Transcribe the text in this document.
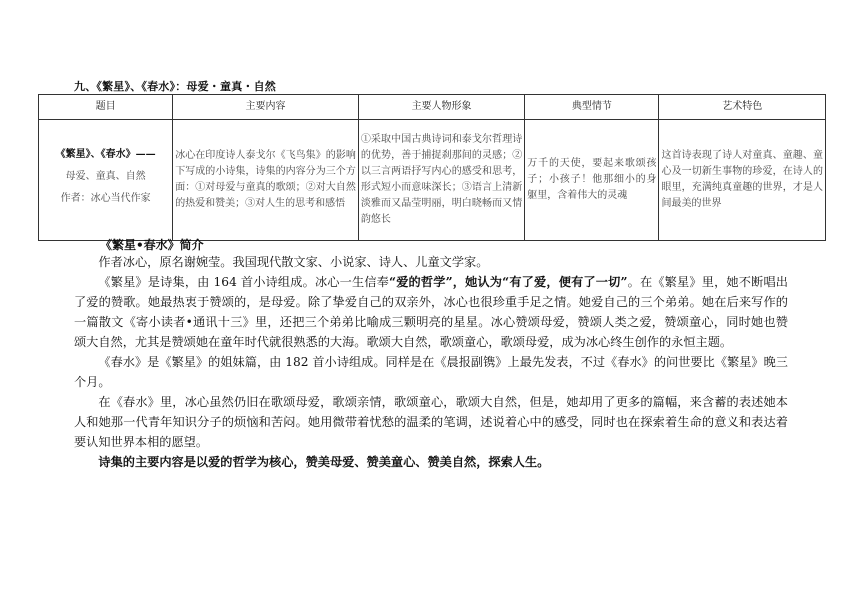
九、《繁星》、《春水》：母爱・童真・自然
题目	主要内容	主要人物形象	典型情节	艺术特色

《繁星》、《春水》——

母爱、童真、自然

作者：冰心当代作家	冰心在印度诗人泰戈尔《飞鸟集》的影响下写成的小诗集，诗集的内容分为三个方面：①对母爱与童真的歌颂；②对大自然的热爱和赞美；③对人生的思考和感悟	①采取中国古典诗词和泰戈尔哲理诗的优势，善于捕捉刹那间的灵感；②以三言两语抒写内心的感受和思考，形式短小而意味深长；③语言上清新淡雅而又晶莹明丽，明白晓畅而又情韵悠长	万千的天使，要起来歌颂孩子；小孩子！他那细小的身躯里，含着伟大的灵魂	这首诗表现了诗人对童真、童趣、童心及一切新生事物的珍爱，在诗人的眼里，充满纯真童趣的世界，才是人间最美的世界
《繁星•春水》简介

作者冰心，原名谢婉莹。我国现代散文家、小说家、诗人、儿童文学家。

《繁星》是诗集，由 164 首小诗组成。冰心一生信奉“爱的哲学”，她认为“有了爱，便有了一切”。在《繁星》里，她不断唱出了爱的赞歌。她最热衷于赞颂的，是母爱。除了挚爱自己的双亲外，冰心也很珍重手足之情。她爱自己的三个弟弟。她在后来写作的一篇散文《寄小读者•通讯十三》里，还把三个弟弟比喻成三颗明亮的星星。冰心赞颂母爱，赞颂人类之爱，赞颂童心，同时她也赞颂大自然，尤其是赞颂她在童年时代就很熟悉的大海。歌颂大自然，歌颂童心，歌颂母爱，成为冰心终生创作的永恒主题。

《春水》是《繁星》的姐妹篇，由 182 首小诗组成。同样是在《晨报副镌》上最先发表，不过《春水》的问世要比《繁星》晚三个月。

在《春水》里，冰心虽然仍旧在歌颂母爱，歌颂亲情，歌颂童心，歌颂大自然，但是，她却用了更多的篇幅，来含蓄的表述她本人和她那一代青年知识分子的烦恼和苦闷。她用微带着忧愁的温柔的笔调，述说着心中的感受，同时也在探索着生命的意义和表达着要认知世界本相的愿望。

诗集的主要内容是以爱的哲学为核心，赞美母爱、赞美童心、赞美自然，探索人生。
